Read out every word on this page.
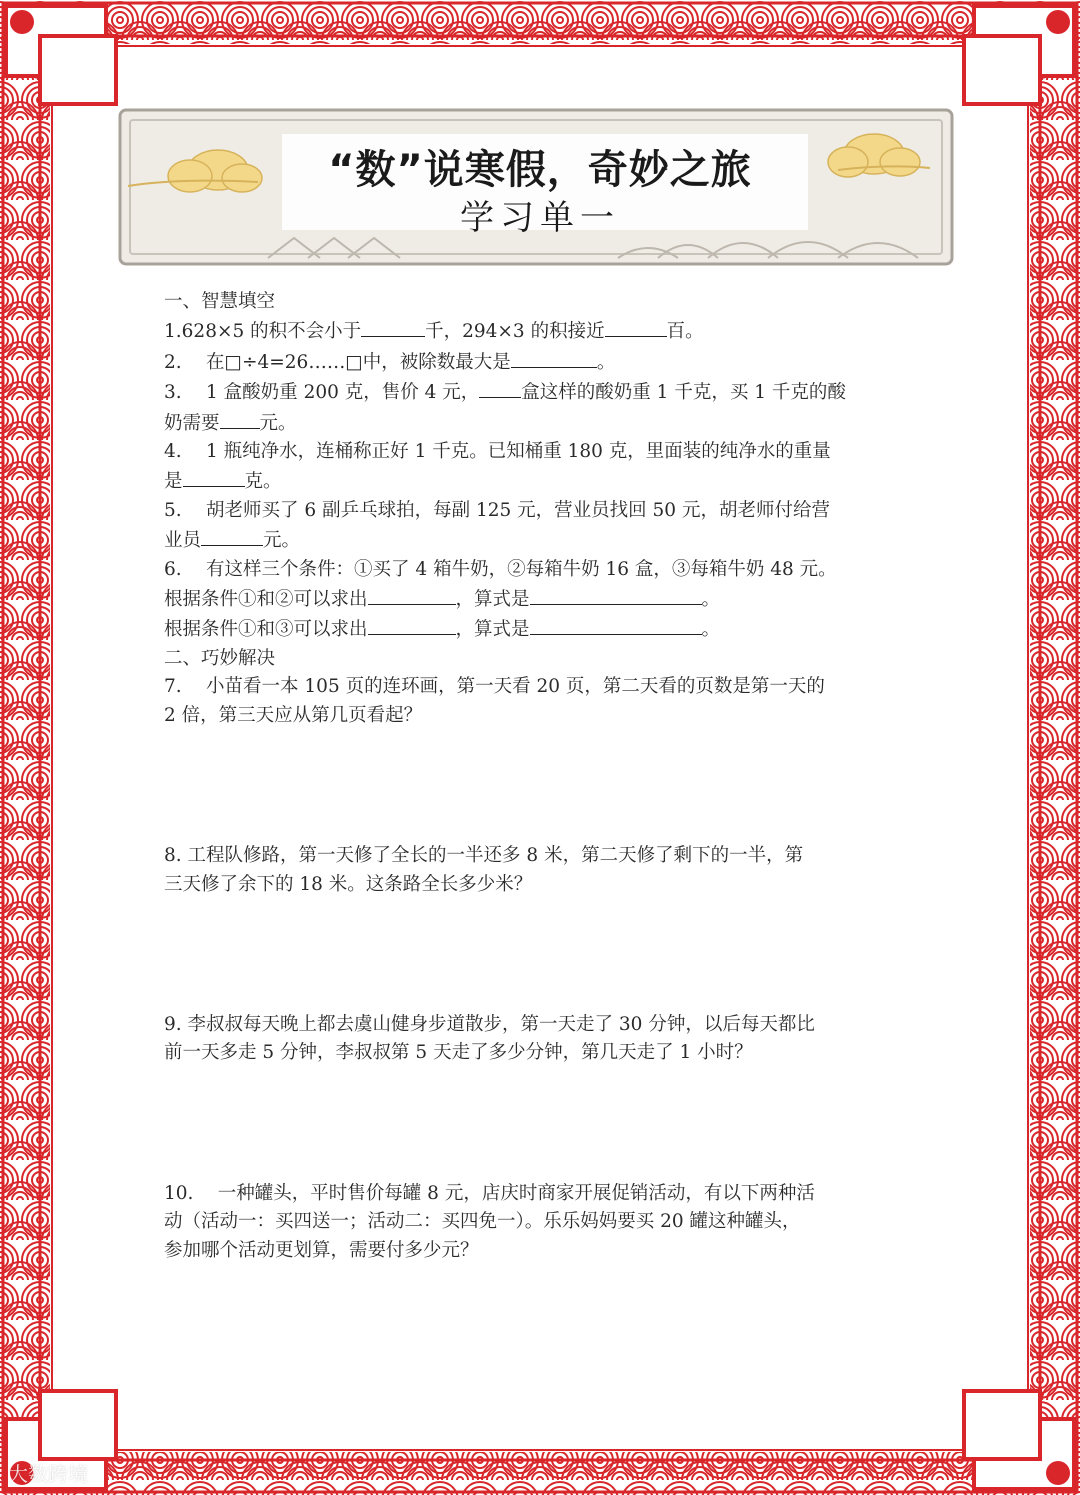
“数”说寒假，奇妙之旅
学习单一
一、智慧填空
1.628×5 的积不会小于	千，294×3 的积接近	百。
2.　 在□÷4=26……□中，被除数最大是	。
3.　 1 盒酸奶重 200 克，售价 4 元， 盒这样的酸奶重 1 千克，买 1 千克的酸
奶需要 元。
4.　 1 瓶纯净水，连桶称正好 1 千克。已知桶重 180 克，里面装的纯净水的重量
是	克。
5.　 胡老师买了 6 副乒乓球拍，每副 125 元，营业员找回 50 元，胡老师付给营
业员	元。
6.　 有这样三个条件：①买了 4 箱牛奶，②每箱牛奶 16 盒，③每箱牛奶 48 元。
根据条件①和②可以求出	，算式是	。
根据条件①和③可以求出	，算式是	。
二、巧妙解决
7.　 小苗看一本 105 页的连环画，第一天看 20 页，第二天看的页数是第一天的
2 倍，第三天应从第几页看起？
8. 工程队修路，第一天修了全长的一半还多 8 米，第二天修了剩下的一半，第
三天修了余下的 18 米。这条路全长多少米？
9. 李叔叔每天晚上都去虞山健身步道散步，第一天走了 30 分钟，以后每天都比
前一天多走 5 分钟，李叔叔第 5 天走了多少分钟，第几天走了 1 小时？
10.　 一种罐头，平时售价每罐 8 元，店庆时商家开展促销活动，有以下两种活
动（活动一：买四送一；活动二：买四免一）。乐乐妈妈要买 20 罐这种罐头，
参加哪个活动更划算，需要付多少元？
大数跨境
